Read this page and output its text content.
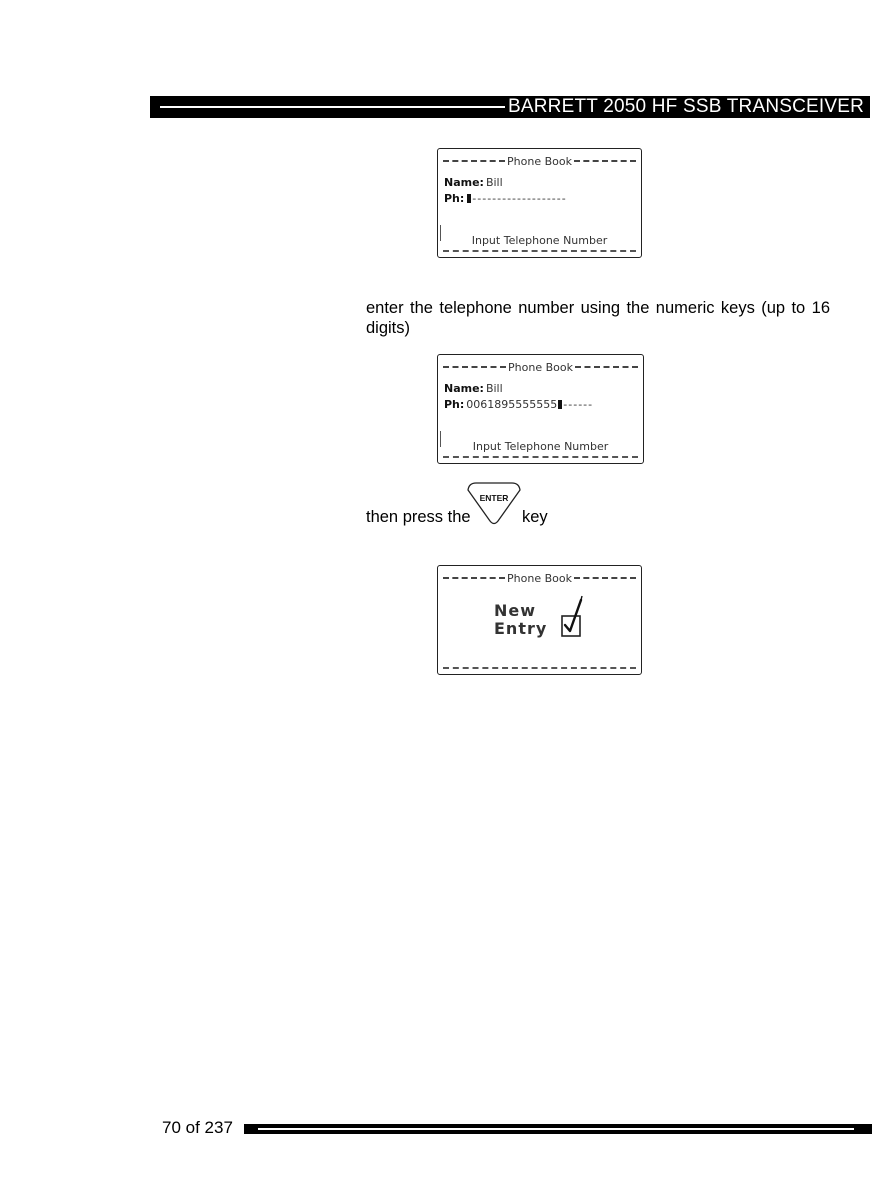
BARRETT 2050 HF SSB TRANSCEIVER
Phone Book
Name: Bill
Ph: -------------------
Input Telephone Number
enter the telephone number using the numeric keys (up to 16 digits)
Phone Book
Name: Bill
Ph: 0061895555555 ------
Input Telephone Number
then press the
ENTER
key
Phone Book
New
Entry
70 of 237
